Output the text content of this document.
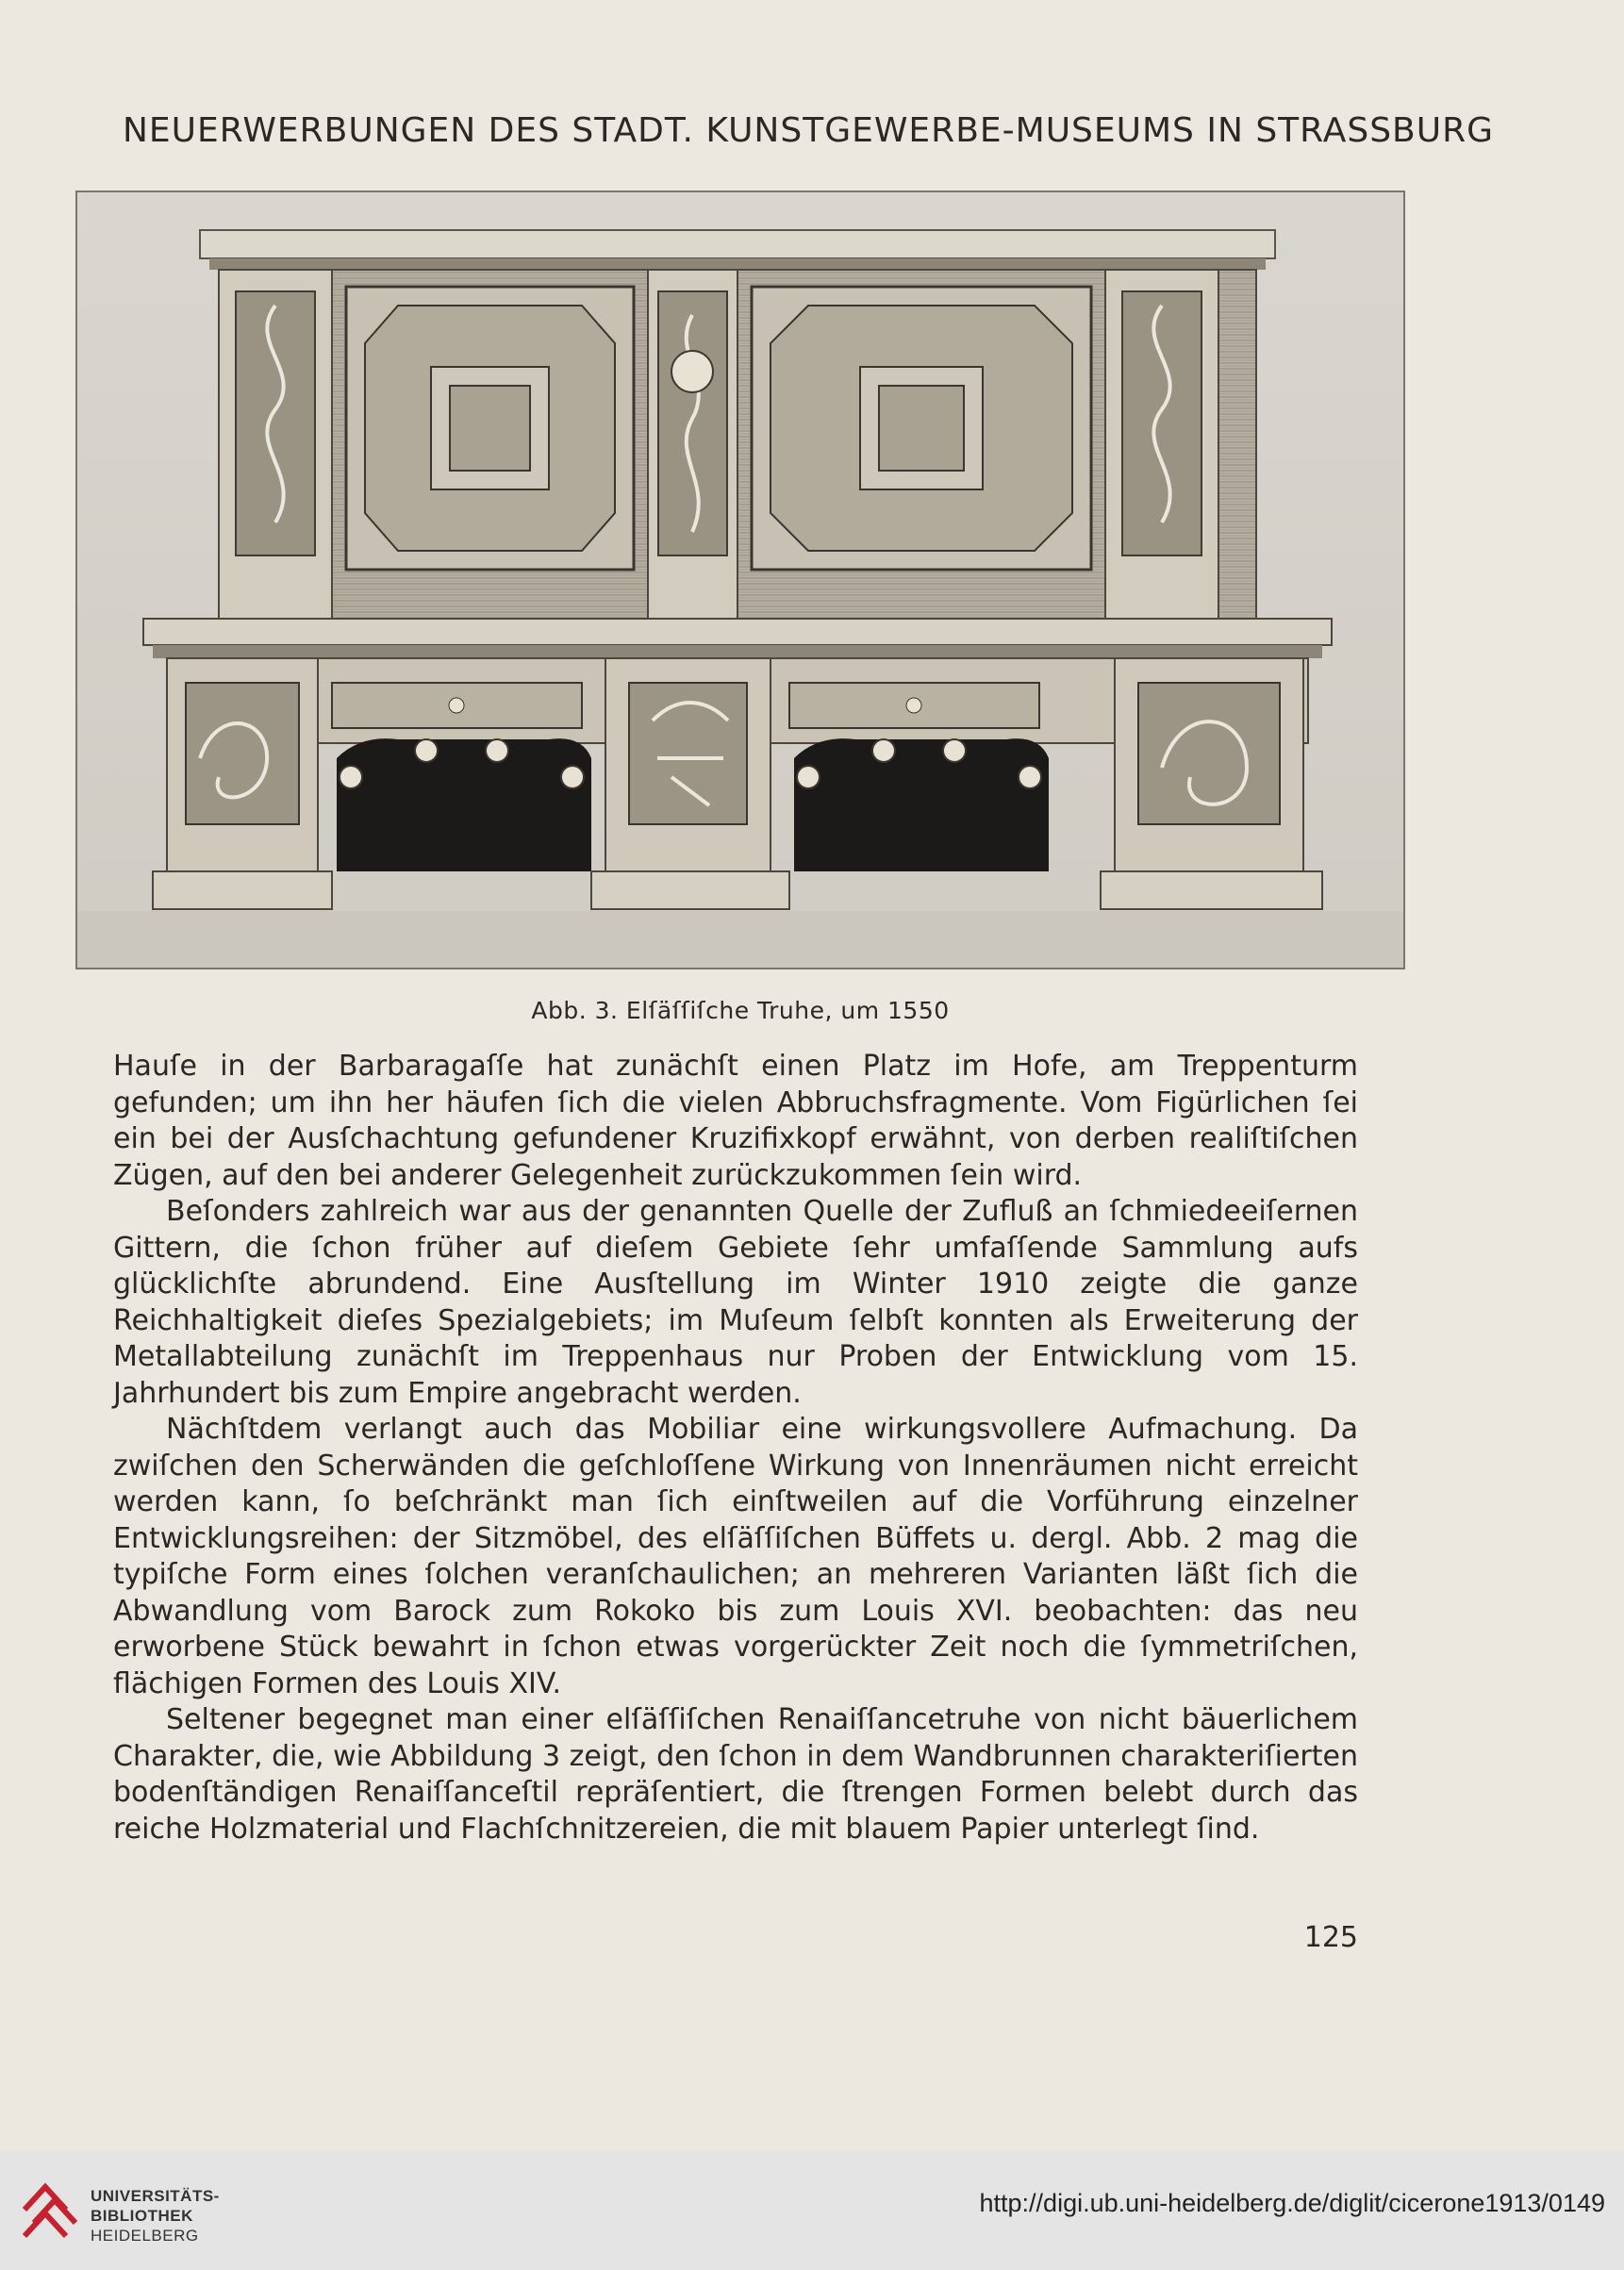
NEUERWERBUNGEN DES STADT. KUNSTGEWERBE-MUSEUMS IN STRASSBURG
Abb. 3. Elſäſſiſche Truhe, um 1550

Hauſe in der Barbaragaſſe hat zunächſt einen Platz im Hofe, am Treppenturm gefunden; um ihn her häufen ſich die vielen Abbruchsfragmente. Vom Figürlichen ſei ein bei der Ausſchachtung gefundener Kruzifixkopf erwähnt, von derben realiſtiſchen Zügen, auf den bei anderer Gelegenheit zurückzukommen ſein wird.

Beſonders zahlreich war aus der genannten Quelle der Zufluß an ſchmiedeeiſernen Gittern, die ſchon früher auf dieſem Gebiete ſehr umfaſſende Sammlung aufs glücklichſte abrundend. Eine Ausſtellung im Winter 1910 zeigte die ganze Reichhaltigkeit dieſes Spezialgebiets; im Muſeum ſelbſt konnten als Erweiterung der Metallabteilung zunächſt im Treppenhaus nur Proben der Entwicklung vom 15. Jahrhundert bis zum Empire angebracht werden.

Nächſtdem verlangt auch das Mobiliar eine wirkungsvollere Aufmachung. Da zwiſchen den Scherwänden die geſchloſſene Wirkung von Innenräumen nicht erreicht werden kann, ſo beſchränkt man ſich einſtweilen auf die Vorführung einzelner Entwicklungsreihen: der Sitzmöbel, des elſäſſiſchen Büffets u. dergl. Abb. 2 mag die typiſche Form eines ſolchen veranſchaulichen; an mehreren Varianten läßt ſich die Abwandlung vom Barock zum Rokoko bis zum Louis XVI. beobachten: das neu erworbene Stück bewahrt in ſchon etwas vorgerückter Zeit noch die ſymmetriſchen, flächigen Formen des Louis XIV.

Seltener begegnet man einer elſäſſiſchen Renaiſſancetruhe von nicht bäuerlichem Charakter, die, wie Abbildung 3 zeigt, den ſchon in dem Wandbrunnen charakteriſierten bodenſtändigen Renaiſſanceſtil repräſentiert, die ſtrengen Formen belebt durch das reiche Holzmaterial und Flachſchnitzereien, die mit blauem Papier unterlegt ſind.

125
UNIVERSITÄTS-
BIBLIOTHEK
HEIDELBERG
http://digi.ub.uni-heidelberg.de/diglit/cicerone1913/0149
